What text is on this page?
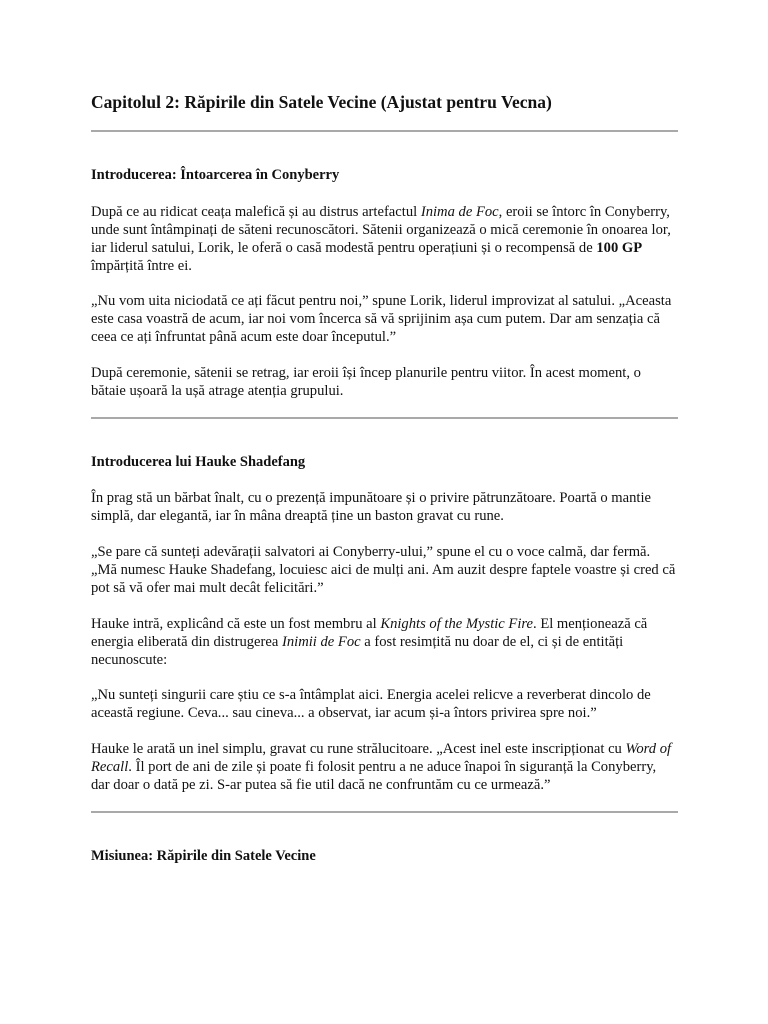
Capitolul 2: Răpirile din Satele Vecine (Ajustat pentru Vecna)
Introducerea: Întoarcerea în Conyberry

După ce au ridicat ceața malefică și au distrus artefactul Inima de Foc, eroii se întorc în Conyberry, unde sunt întâmpinați de săteni recunoscători. Sătenii organizează o mică ceremonie în onoarea lor, iar liderul satului, Lorik, le oferă o casă modestă pentru operațiuni și o recompensă de 100 GP împărțită între ei.

„Nu vom uita niciodată ce ați făcut pentru noi,” spune Lorik, liderul improvizat al satului. „Aceasta este casa voastră de acum, iar noi vom încerca să vă sprijinim așa cum putem. Dar am senzația că ceea ce ați înfruntat până acum este doar începutul.”

După ceremonie, sătenii se retrag, iar eroii își încep planurile pentru viitor. În acest moment, o bătaie ușoară la ușă atrage atenția grupului.

Introducerea lui Hauke Shadefang

În prag stă un bărbat înalt, cu o prezență impunătoare și o privire pătrunzătoare. Poartă o mantie simplă, dar elegantă, iar în mâna dreaptă ține un baston gravat cu rune.

„Se pare că sunteți adevărații salvatori ai Conyberry-ului,” spune el cu o voce calmă, dar fermă. „Mă numesc Hauke Shadefang, locuiesc aici de mulți ani. Am auzit despre faptele voastre și cred că pot să vă ofer mai mult decât felicitări.”

Hauke intră, explicând că este un fost membru al Knights of the Mystic Fire. El menționează că energia eliberată din distrugerea Inimii de Foc a fost resimțită nu doar de el, ci și de entități necunoscute:

„Nu sunteți singurii care știu ce s-a întâmplat aici. Energia acelei relicve a reverberat dincolo de această regiune. Ceva... sau cineva... a observat, iar acum și-a întors privirea spre noi.”

Hauke le arată un inel simplu, gravat cu rune strălucitoare. „Acest inel este inscripționat cu Word of Recall. Îl port de ani de zile și poate fi folosit pentru a ne aduce înapoi în siguranță la Conyberry, dar doar o dată pe zi. S-ar putea să fie util dacă ne confruntăm cu ce urmează.”

Misiunea: Răpirile din Satele Vecine
